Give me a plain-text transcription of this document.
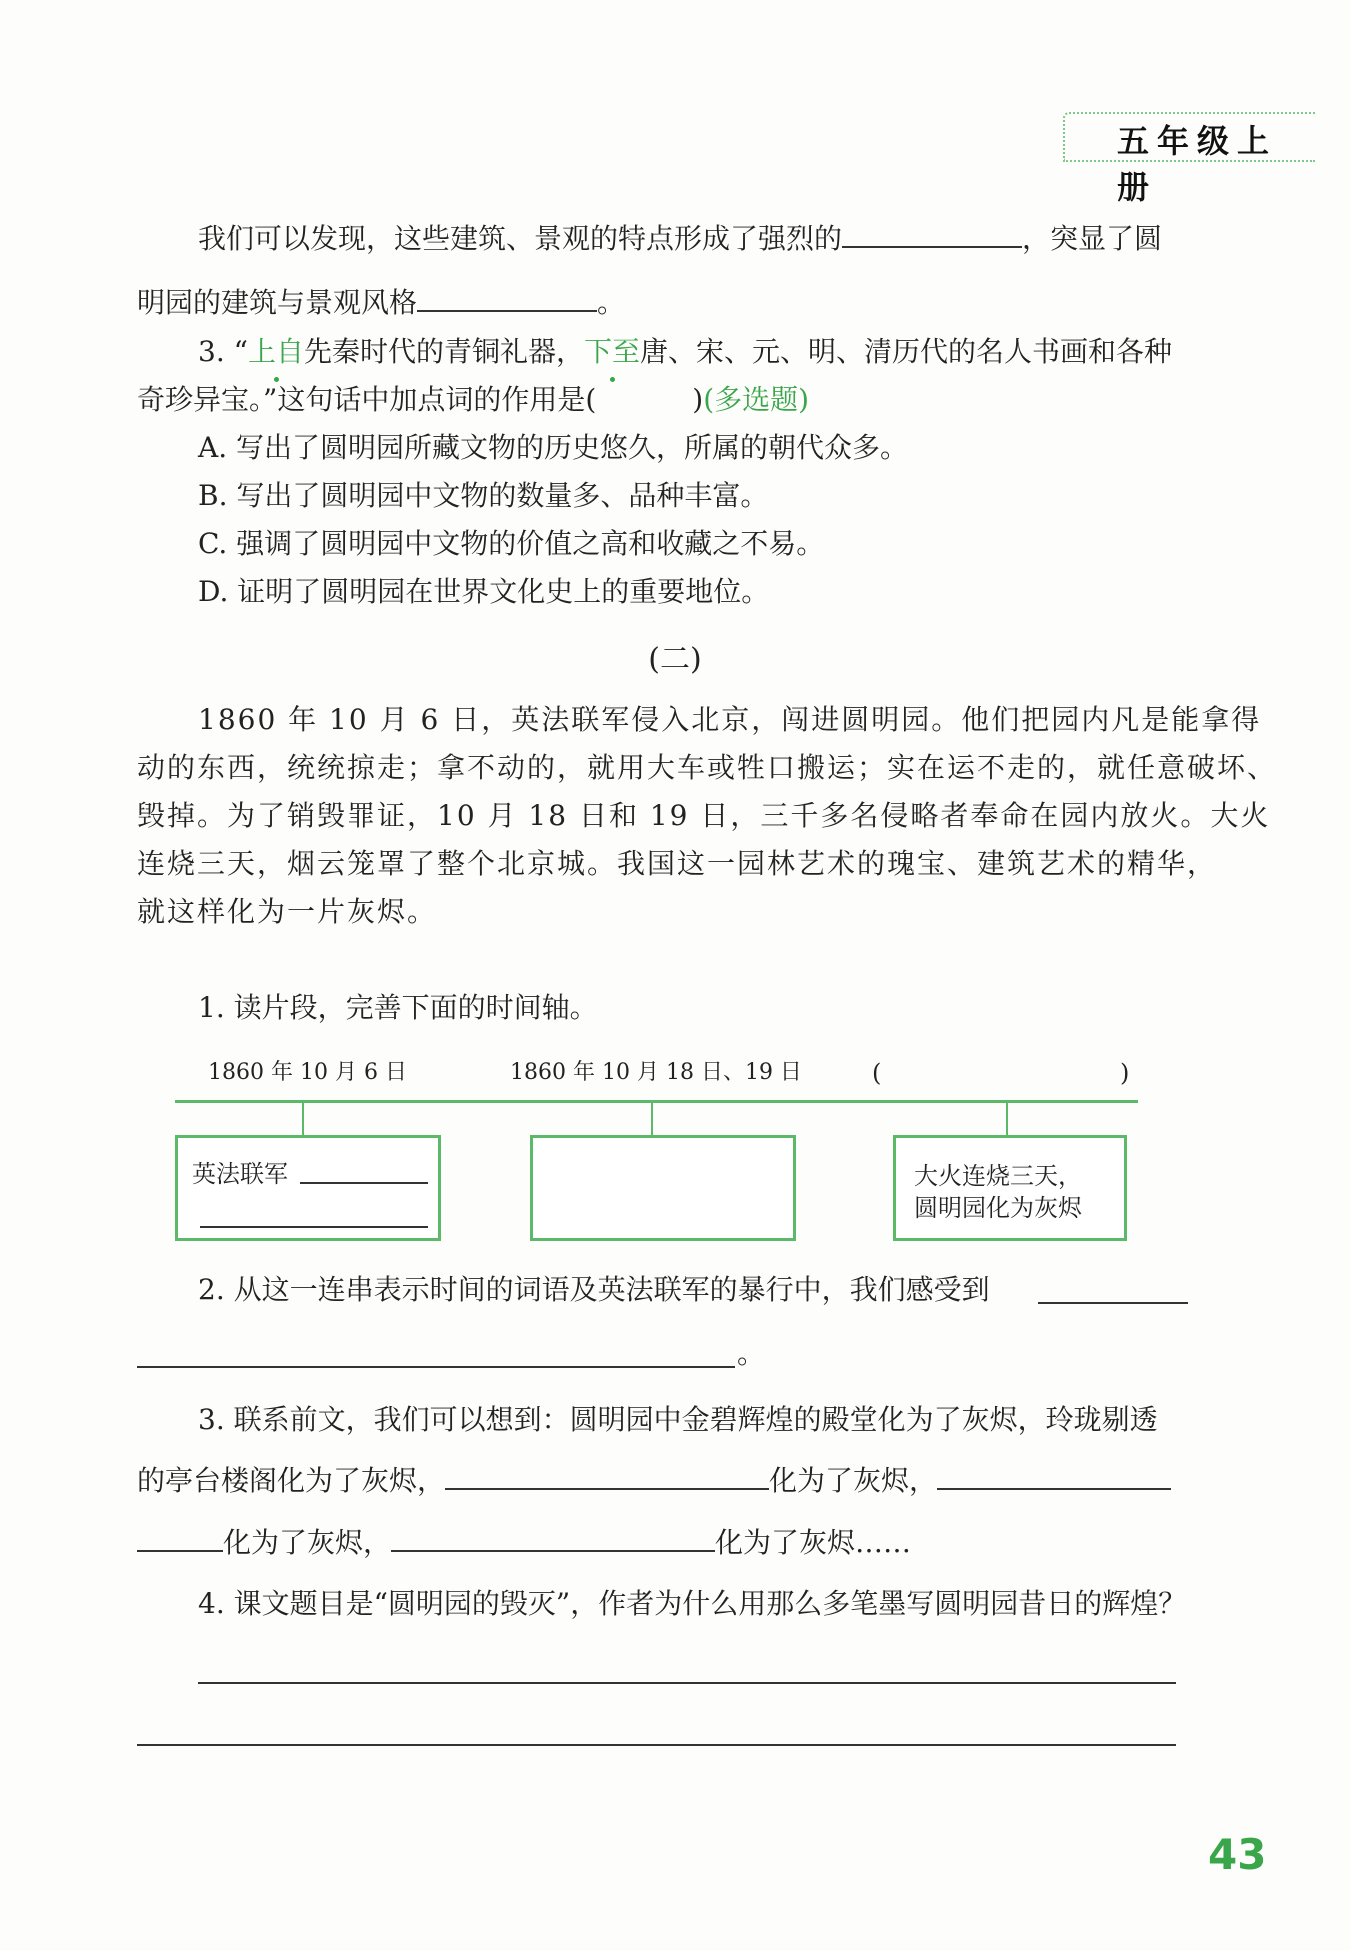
五年级上册
我们可以发现，这些建筑、景观的特点形成了强烈的	，突显了圆
明园的建筑与景观风格	。
3. “上自先秦时代的青铜礼器，下至唐、宋、元、明、清历代的名人书画和各种
奇珍异宝。”这句话中加点词的作用是(	)(多选题)
A. 写出了圆明园所藏文物的历史悠久，所属的朝代众多。
B. 写出了圆明园中文物的数量多、品种丰富。
C. 强调了圆明园中文物的价值之高和收藏之不易。
D. 证明了圆明园在世界文化史上的重要地位。
(二)
1860 年 10 月 6 日，英法联军侵入北京，闯进圆明园。他们把园内凡是能拿得
动的东西，统统掠走；拿不动的，就用大车或牲口搬运；实在运不走的，就任意破坏、
毁掉。为了销毁罪证，10 月 18 日和 19 日，三千多名侵略者奉命在园内放火。大火
连烧三天，烟云笼罩了整个北京城。我国这一园林艺术的瑰宝、建筑艺术的精华，
就这样化为一片灰烬。
1. 读片段，完善下面的时间轴。
1860 年 10 月 6 日	1860 年 10 月 18 日、19 日	(	)
英法联军	大火连烧三天，
圆明园化为灰烬
2. 从这一连串表示时间的词语及英法联军的暴行中，我们感受到
。
3. 联系前文，我们可以想到：圆明园中金碧辉煌的殿堂化为了灰烬，玲珑剔透
的亭台楼阁化为了灰烬，	化为了灰烬，
化为了灰烬，	化为了灰烬……
4. 课文题目是“圆明园的毁灭”，作者为什么用那么多笔墨写圆明园昔日的辉煌？
43
